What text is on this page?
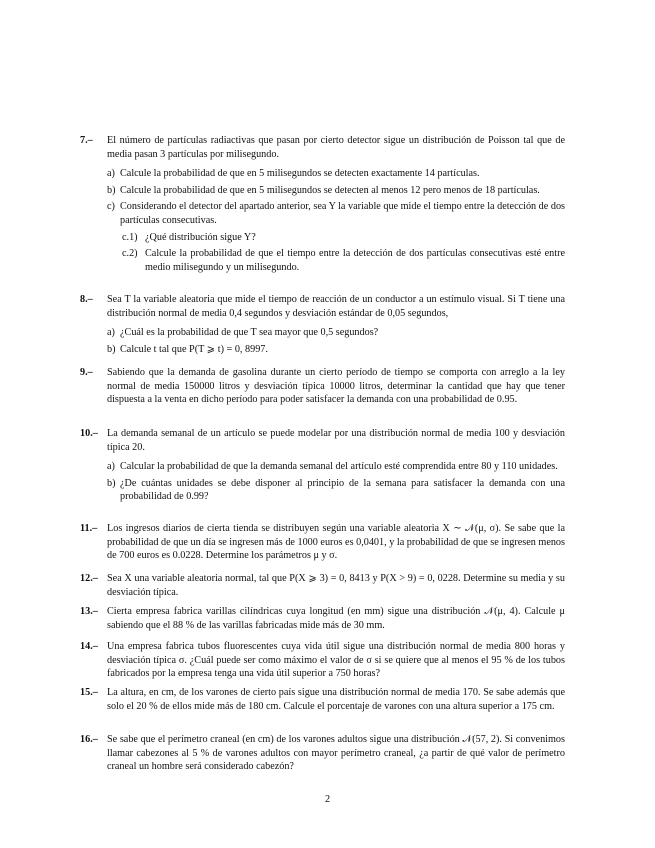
7.– El número de partículas radiactivas que pasan por cierto detector sigue un distribución de Poisson tal que de media pasan 3 partículas por milisegundo.
a) Calcule la probabilidad de que en 5 milisegundos se detecten exactamente 14 partículas.
b) Calcule la probabilidad de que en 5 milisegundos se detecten al menos 12 pero menos de 18 partículas.
c) Considerando el detector del apartado anterior, sea Y la variable que mide el tiempo entre la detección de dos partículas consecutivas.
c.1) ¿Qué distribución sigue Y?
c.2) Calcule la probabilidad de que el tiempo entre la detección de dos partículas consecutivas esté entre medio milisegundo y un milisegundo.
8.– Sea T la variable aleatoria que mide el tiempo de reacción de un conductor a un estímulo visual. Si T tiene una distribución normal de media 0,4 segundos y desviación estándar de 0,05 segundos,
a) ¿Cuál es la probabilidad de que T sea mayor que 0,5 segundos?
b) Calcule t tal que P(T ⩾ t) = 0, 8997.
9.– Sabiendo que la demanda de gasolina durante un cierto período de tiempo se comporta con arreglo a la ley normal de media 150000 litros y desviación típica 10000 litros, determinar la cantidad que hay que tener dispuesta a la venta en dicho período para poder satisfacer la demanda con una probabilidad de 0.95.
10.– La demanda semanal de un artículo se puede modelar por una distribución normal de media 100 y desviación típica 20.
a) Calcular la probabilidad de que la demanda semanal del artículo esté comprendida entre 80 y 110 unidades.
b) ¿De cuántas unidades se debe disponer al principio de la semana para satisfacer la demanda con una probabilidad de 0.99?
11.– Los ingresos diarios de cierta tienda se distribuyen según una variable aleatoria X ∼ 𝒩(μ, σ). Se sabe que la probabilidad de que un día se ingresen más de 1000 euros es 0,0401, y la probabilidad de que se ingresen menos de 700 euros es 0.0228. Determine los parámetros μ y σ.
12.– Sea X una variable aleatoria normal, tal que P(X ⩾ 3) = 0, 8413 y P(X > 9) = 0, 0228. Determine su media y su desviación típica.
13.– Cierta empresa fabrica varillas cilíndricas cuya longitud (en mm) sigue una distribución 𝒩(μ, 4). Calcule μ sabiendo que el 88 % de las varillas fabricadas mide más de 30 mm.
14.– Una empresa fabrica tubos fluorescentes cuya vida útil sigue una distribución normal de media 800 horas y desviación típica σ. ¿Cuál puede ser como máximo el valor de σ si se quiere que al menos el 95 % de los tubos fabricados por la empresa tenga una vida útil superior a 750 horas?
15.– La altura, en cm, de los varones de cierto país sigue una distribución normal de media 170. Se sabe además que solo el 20 % de ellos mide más de 180 cm. Calcule el porcentaje de varones con una altura superior a 175 cm.
16.– Se sabe que el perímetro craneal (en cm) de los varones adultos sigue una distribución 𝒩(57, 2). Si convenimos llamar cabezones al 5 % de varones adultos con mayor perímetro craneal, ¿a partir de qué valor de perímetro craneal un hombre será considerado cabezón?
2
